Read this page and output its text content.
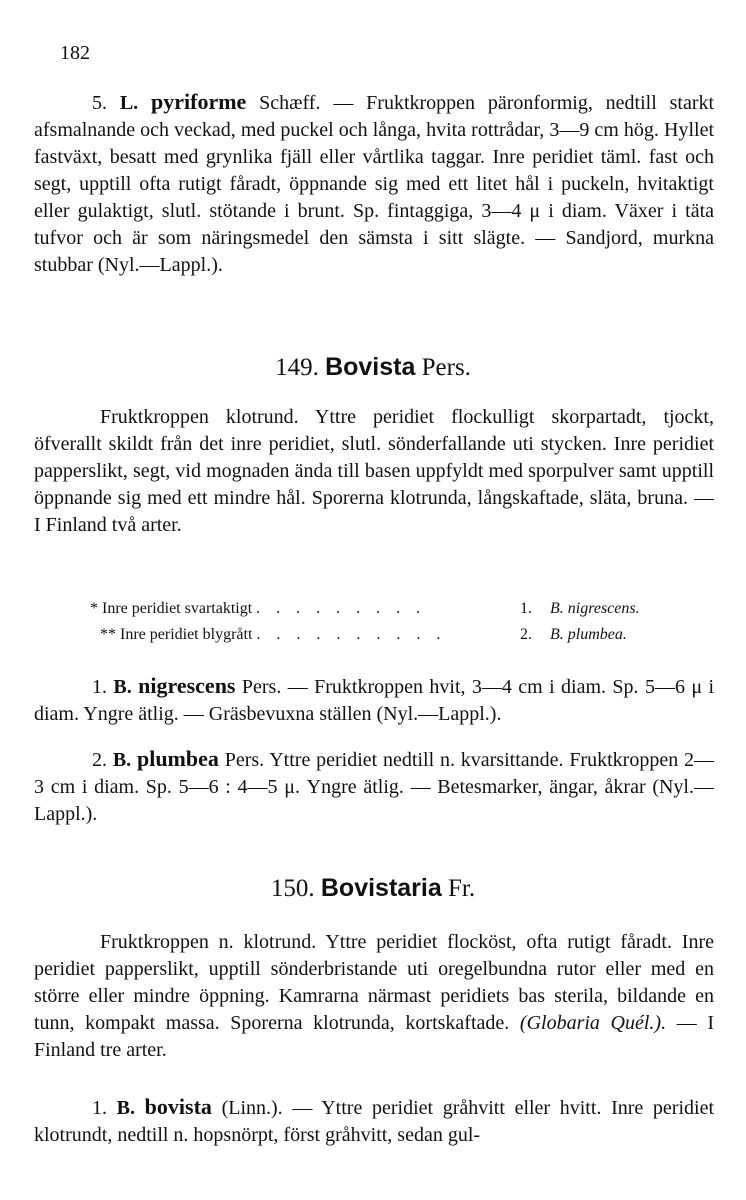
182

5. L. pyriforme Schæff. — Fruktkroppen päronformig, nedtill starkt afsmalnande och veckad, med puckel och långa, hvita rottrådar, 3—9 cm hög. Hyllet fastväxt, besatt med grynlika fjäll eller vårtlika taggar. Inre peridiet täml. fast och segt, upptill ofta rutigt fåradt, öppnande sig med ett litet hål i puckeln, hvitaktigt eller gulaktigt, slutl. stötande i brunt. Sp. fintaggiga, 3—4 μ i diam. Växer i täta tufvor och är som näringsmedel den sämsta i sitt slägte. — Sandjord, murkna stubbar (Nyl.—Lappl.).

149. Bovista Pers.

Fruktkroppen klotrund. Yttre peridiet flockulligt skorpartadt, tjockt, öfverallt skildt från det inre peridiet, slutl. sönderfallande uti stycken. Inre peridiet papperslikt, segt, vid mognaden ända till basen uppfyldt med sporpulver samt upptill öppnande sig med ett mindre hål. Sporerna klotrunda, långskaftade, släta, bruna. — I Finland två arter.

* Inre peridiet svartaktigt . . . . . . . . .	1.	B. nigrescens.
** Inre peridiet blygrått . . . . . . . . . .	2.	B. plumbea.

1. B. nigrescens Pers. — Fruktkroppen hvit, 3—4 cm i diam. Sp. 5—6 μ i diam. Yngre ätlig. — Gräsbevuxna ställen (Nyl.—Lappl.).

2. B. plumbea Pers. Yttre peridiet nedtill n. kvarsittande. Fruktkroppen 2—3 cm i diam. Sp. 5—6 : 4—5 μ. Yngre ätlig. — Betesmarker, ängar, åkrar (Nyl.—Lappl.).

150. Bovistaria Fr.

Fruktkroppen n. klotrund. Yttre peridiet flocköst, ofta rutigt fåradt. Inre peridiet papperslikt, upptill sönderbristande uti oregelbundna rutor eller med en större eller mindre öppning. Kamrarna närmast peridiets bas sterila, bildande en tunn, kompakt massa. Sporerna klotrunda, kortskaftade. (Globaria Quél.). — I Finland tre arter.

1. B. bovista (Linn.). — Yttre peridiet gråhvitt eller hvitt. Inre peridiet klotrundt, nedtill n. hopsnörpt, först gråhvitt, sedan gul-
